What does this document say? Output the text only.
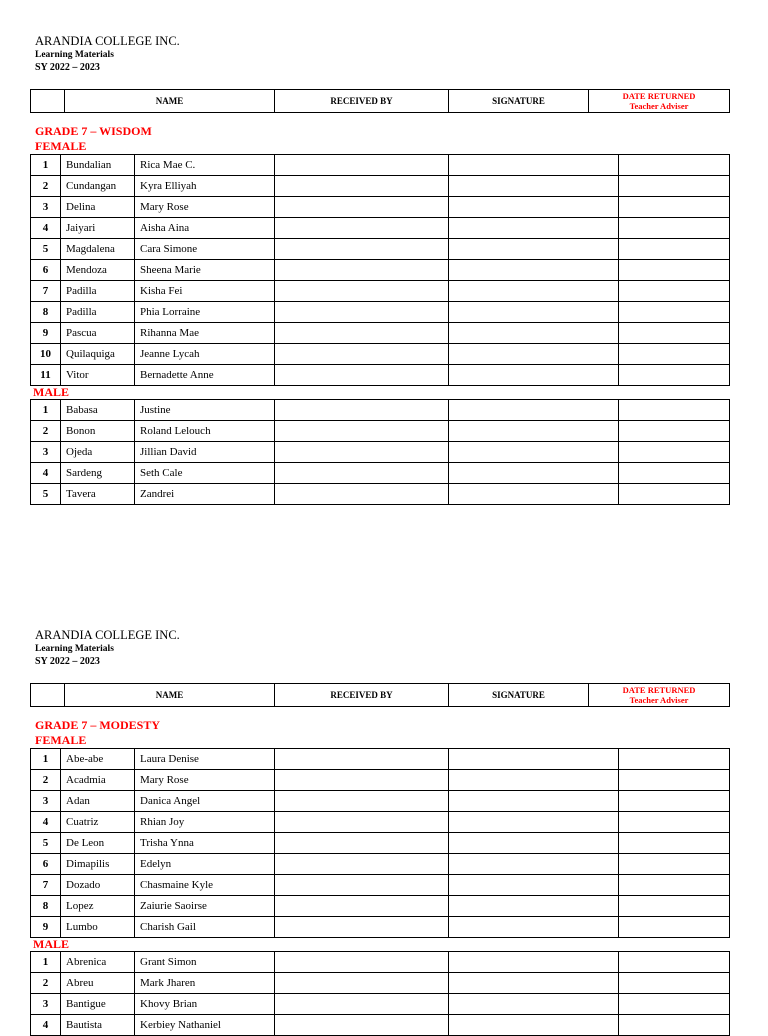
ARANDIA COLLEGE INC.
Learning Materials
SY 2022 – 2023
	NAME	RECEIVED BY	SIGNATURE	DATE RETURNED
Teacher Adviser
GRADE 7 – WISDOM
FEMALE
1	Bundalian	Rica Mae C.			
2	Cundangan	Kyra Elliyah			
3	Delina	Mary Rose			
4	Jaiyari	Aisha Aina			
5	Magdalena	Cara Simone			
6	Mendoza	Sheena Marie			
7	Padilla	Kisha Fei			
8	Padilla	Phia Lorraine			
9	Pascua	Rihanna Mae			
10	Quilaquiga	Jeanne Lycah			
11	Vitor	Bernadette Anne			
MALE
1	Babasa	Justine			
2	Bonon	Roland Lelouch			
3	Ojeda	Jillian David			
4	Sardeng	Seth Cale			
5	Tavera	Zandrei			
ARANDIA COLLEGE INC.
Learning Materials
SY 2022 – 2023
	NAME	RECEIVED BY	SIGNATURE	DATE RETURNED
Teacher Adviser
GRADE 7 – MODESTY
FEMALE
1	Abe-abe	Laura Denise			
2	Acadmia	Mary Rose			
3	Adan	Danica Angel			
4	Cuatriz	Rhian Joy			
5	De Leon	Trisha Ynna			
6	Dimapilis	Edelyn			
7	Dozado	Chasmaine Kyle			
8	Lopez	Zaiurie Saoirse			
9	Lumbo	Charish Gail			
MALE
1	Abrenica	Grant Simon			
2	Abreu	Mark Jharen			
3	Bantigue	Khovy Brian			
4	Bautista	Kerbiey Nathaniel			
